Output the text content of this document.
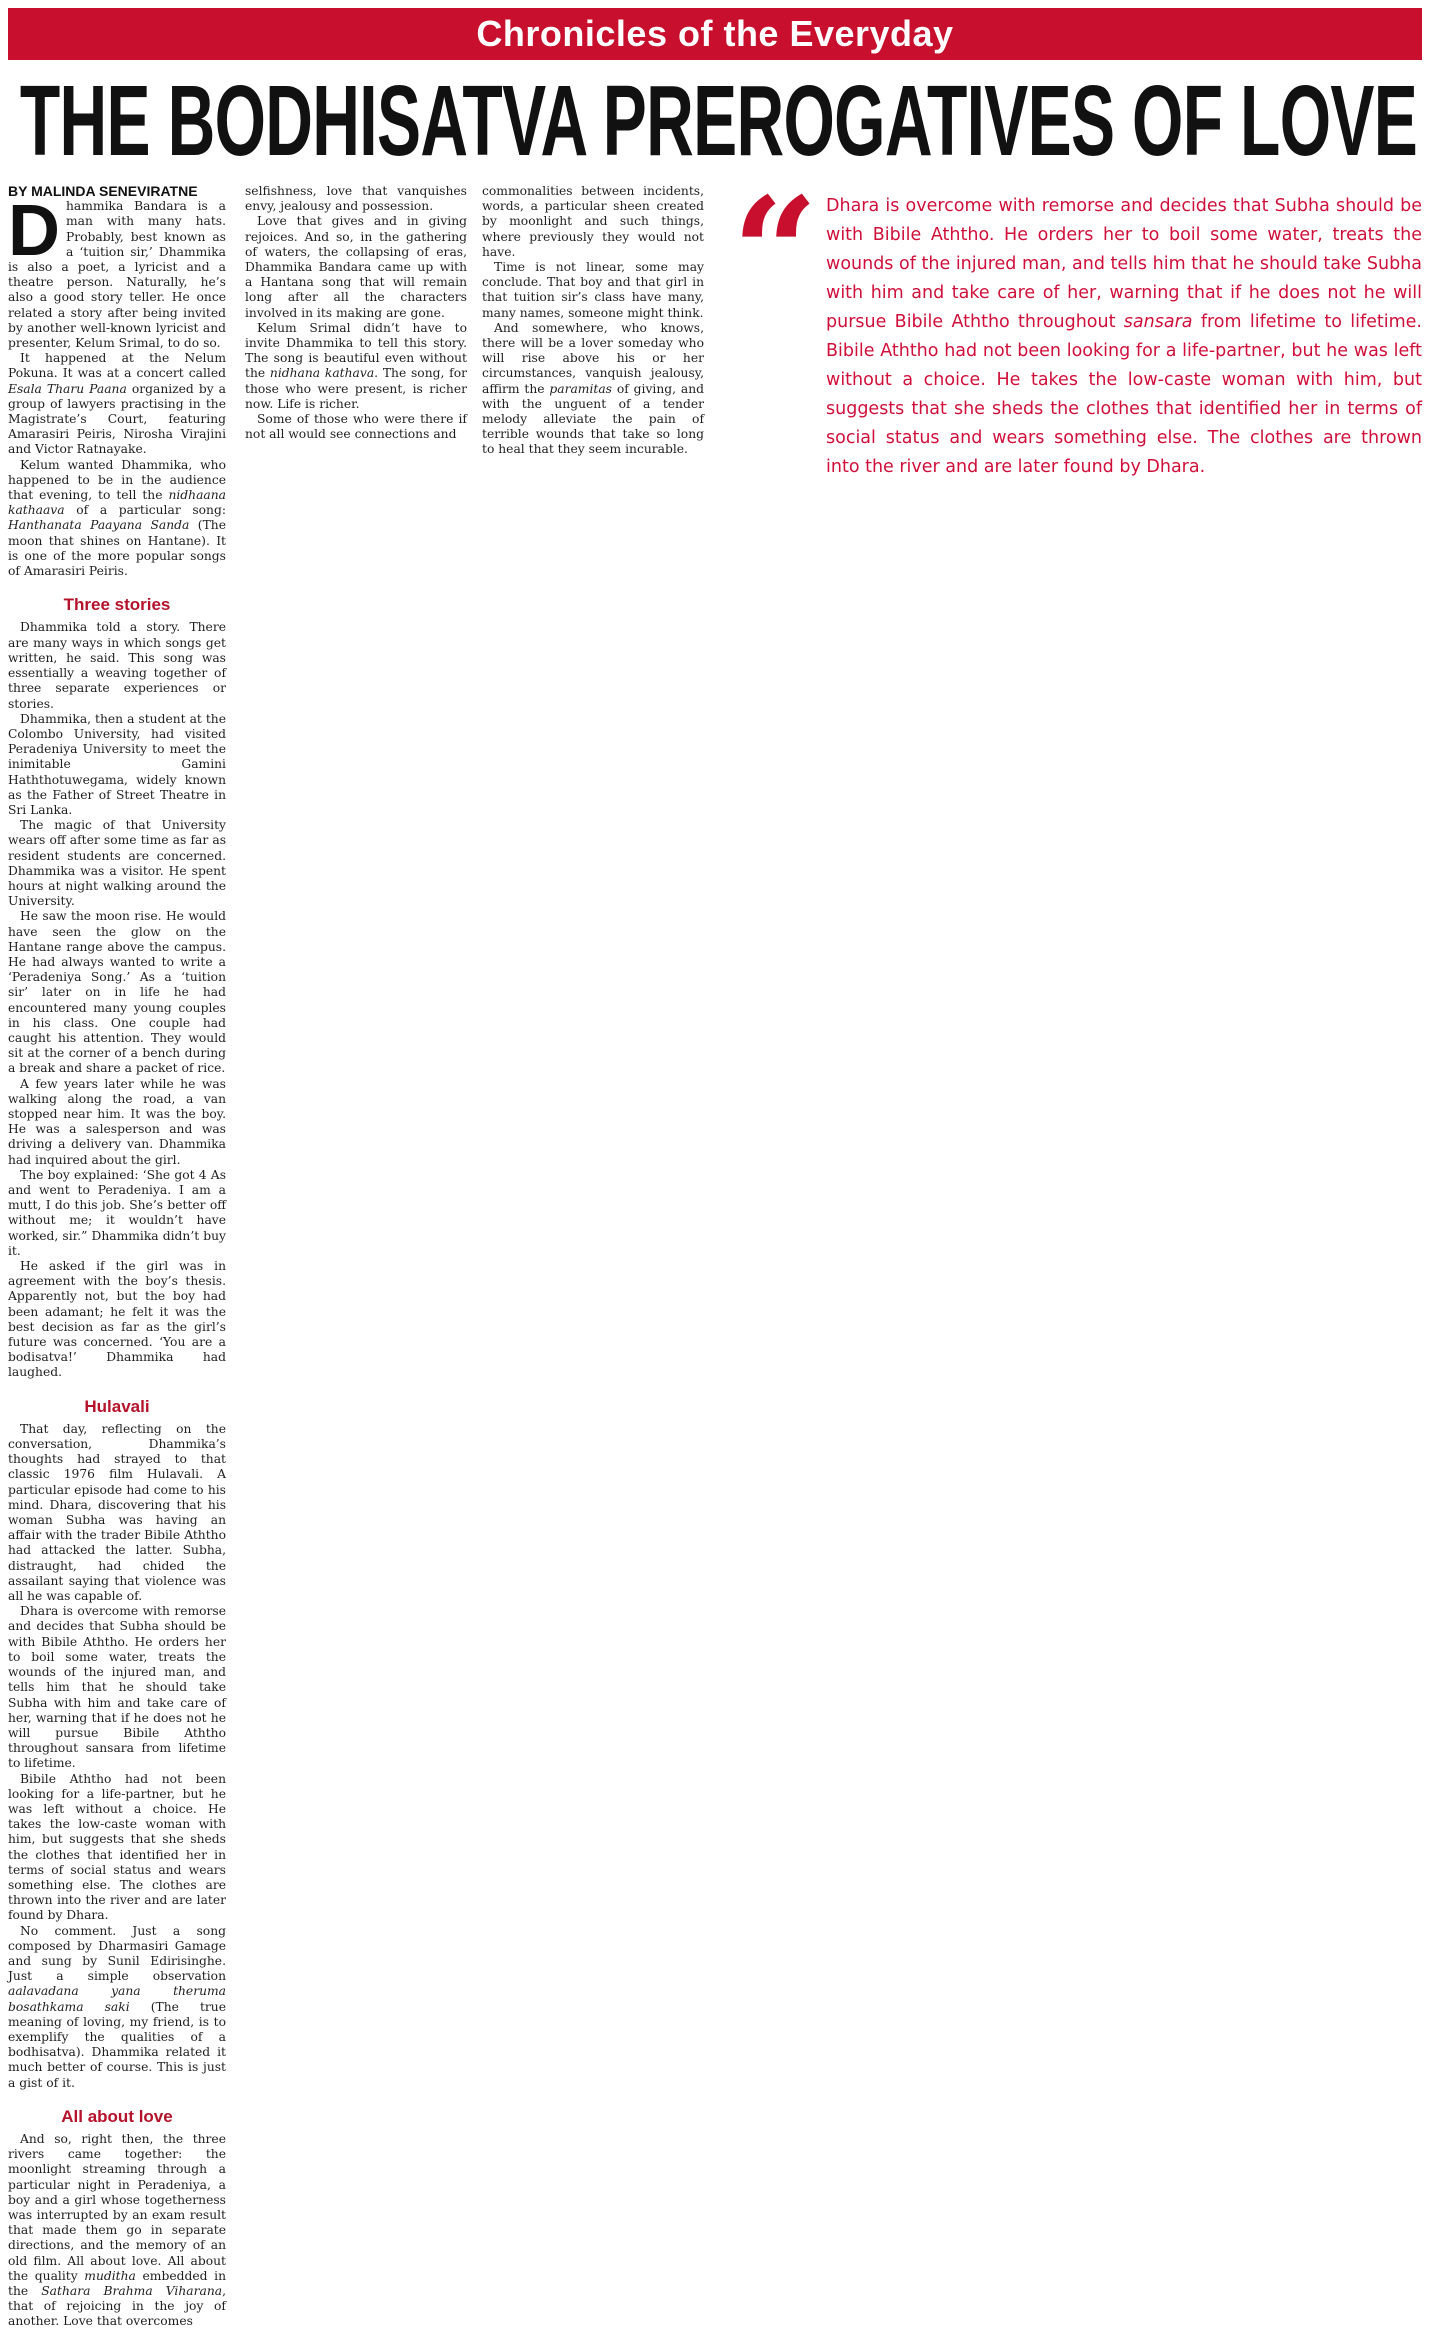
Chronicles of the Everyday
THE BODHISATVA PREROGATIVES OF LOVE

BY MALINDA SENEVIRATNE

Dhammika Bandara is a man with many hats. Probably, best known as a ‘tuition sir,’ Dhammika is also a poet, a lyricist and a theatre person. Naturally, he’s also a good story teller. He once related a story after being invited by another well-known lyricist and presenter, Kelum Srimal, to do so.

It happened at the Nelum Pokuna. It was at a concert called Esala Tharu Paana organized by a group of lawyers practising in the Magistrate’s Court, featuring Amarasiri Peiris, Nirosha Virajini and Victor Ratnayake.

Kelum wanted Dhammika, who happened to be in the audience that evening, to tell the nidhaana kathaava of a particular song: Hanthanata Paayana Sanda (The moon that shines on Hantane). It is one of the more popular songs of Amarasiri Peiris.

Three stories

Dhammika told a story. There are many ways in which songs get written, he said. This song was essentially a weaving together of three separate experiences or stories.

Dhammika, then a student at the Colombo University, had visited Peradeniya University to meet the inimitable Gamini Haththotuwegama, widely known as the Father of Street Theatre in Sri Lanka.

The magic of that University wears off after some time as far as resident students are concerned. Dhammika was a visitor. He spent hours at night walking around the University.

He saw the moon rise. He would have seen the glow on the Hantane range above the campus. He had always wanted to write a ‘Peradeniya Song.’ As a ‘tuition sir’ later on in life he had encountered many young couples in his class. One couple had caught his attention. They would sit at the corner of a bench during a break and share a packet of rice.

A few years later while he was walking along the road, a van stopped near him. It was the boy. He was a salesperson and was driving a delivery van. Dhammika had inquired about the girl.

The boy explained: ‘She got 4 As and went to Peradeniya. I am a mutt, I do this job. She’s better off without me; it wouldn’t have worked, sir.” Dhammika didn’t buy it.

He asked if the girl was in agreement with the boy’s thesis. Apparently not, but the boy had been adamant; he felt it was the best decision as far as the girl’s future was concerned. ‘You are a bodisatva!’ Dhammika had laughed.

Hulavali

That day, reflecting on the conversation, Dhammika’s thoughts had strayed to that classic 1976 film Hulavali. A particular episode had come to his mind. Dhara, discovering that his woman Subha was having an affair with the trader Bibile Aththo had attacked the latter. Subha, distraught, had chided the assailant saying that violence was all he was capable of.

Dhara is overcome with remorse and decides that Subha should be with Bibile Aththo. He orders her to boil some water, treats the wounds of the injured man, and tells him that he should take Subha with him and take care of her, warning that if he does not he will pursue Bibile Aththo throughout sansara from lifetime to lifetime.

Bibile Aththo had not been looking for a life-partner, but he was left without a choice. He takes the low-caste woman with him, but suggests that she sheds the clothes that identified her in terms of social status and wears something else. The clothes are thrown into the river and are later found by Dhara.

No comment. Just a song composed by Dharmasiri Gamage and sung by Sunil Edirisinghe. Just a simple observation aalavadana yana theruma bosathkama saki (The true meaning of loving, my friend, is to exemplify the qualities of a bodhisatva). Dhammika related it much better of course. This is just a gist of it.

All about love

And so, right then, the three rivers came together: the moonlight streaming through a particular night in Peradeniya, a boy and a girl whose togetherness was interrupted by an exam result that made them go in separate directions, and the memory of an old film. All about love. All about the quality muditha embedded in the Sathara Brahma Viharana, that of rejoicing in the joy of another. Love that overcomes

selfishness, love that vanquishes envy, jealousy and possession.

Love that gives and in giving rejoices. And so, in the gathering of waters, the collapsing of eras, Dhammika Bandara came up with a Hantana song that will remain long after all the characters involved in its making are gone.

Kelum Srimal didn’t have to invite Dhammika to tell this story. The song is beautiful even without the nidhana kathava. The song, for those who were present, is richer now. Life is richer.

Some of those who were there if not all would see connections and

commonalities between incidents, words, a particular sheen created by moonlight and such things, where previously they would not have.

Time is not linear, some may conclude. That boy and that girl in that tuition sir’s class have many, many names, someone might think.

And somewhere, who knows, there will be a lover someday who will rise above his or her circumstances, vanquish jealousy, affirm the paramitas of giving, and with the unguent of a tender melody alleviate the pain of terrible wounds that take so long to heal that they seem incurable.

“ Dhara is overcome with remorse and decides that Subha should be with Bibile Aththo. He orders her to boil some water, treats the wounds of the injured man, and tells him that he should take Subha with him and take care of her, warning that if he does not he will pursue Bibile Aththo throughout sansara from lifetime to lifetime. Bibile Aththo had not been looking for a life-partner, but he was left without a choice. He takes the low-caste woman with him, but suggests that she sheds the clothes that identified her in terms of social status and wears something else. The clothes are thrown into the river and are later found by Dhara.
